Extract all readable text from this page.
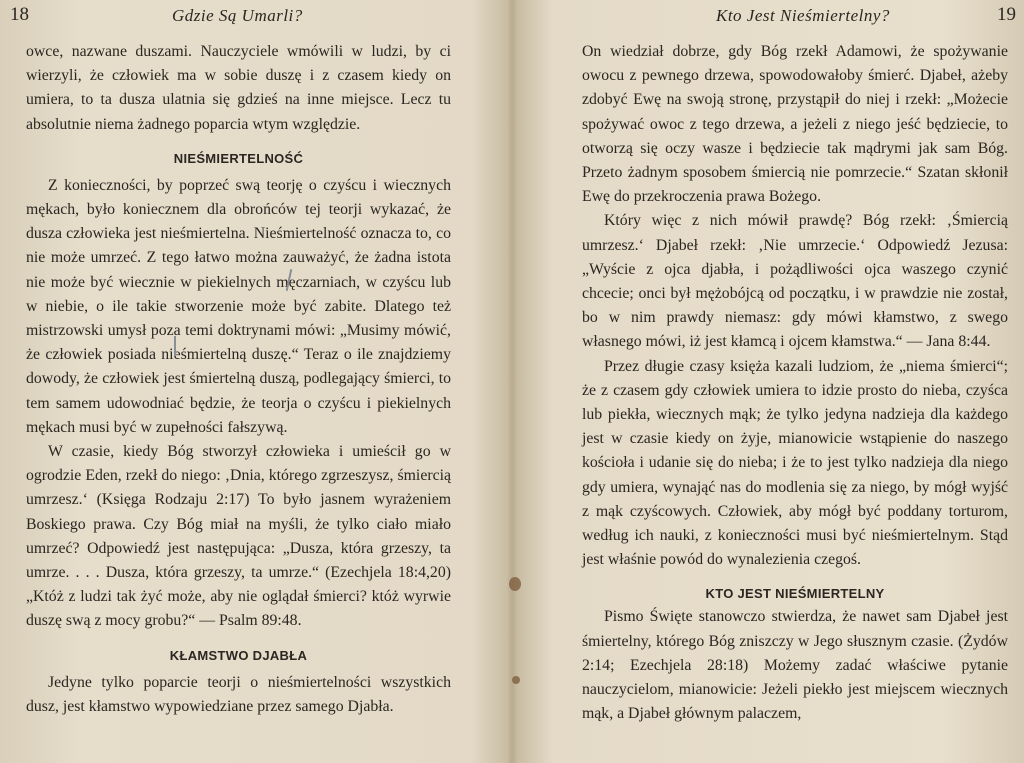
18	Gdzie Są Umarli?

owce, nazwane duszami. Nauczyciele wmówili w ludzi, by ci wierzyli, że człowiek ma w sobie duszę i z czasem kiedy on umiera, to ta dusza ulatnia się gdzieś na inne miejsce. Lecz tu absolutnie niema żadnego poparcia wtym względzie.

NIEŚMIERTELNOŚĆ

Z konieczności, by poprzeć swą teorję o czyścu i wiecznych mękach, było koniecznem dla obrońców tej teorji wykazać, że dusza człowieka jest nieśmiertelna. Nieśmiertelność oznacza to, co nie może umrzeć. Z tego łatwo można zauważyć, że żadna istota nie może być wiecznie w piekielnych męczarniach, w czyścu lub w niebie, o ile takie stworzenie może być zabite. Dlatego też mistrzowski umysł poza temi doktrynami mówi: „Musimy mówić, że człowiek posiada nieśmiertelną duszę.“ Teraz o ile znajdziemy dowody, że człowiek jest śmiertelną duszą, podlegający śmierci, to tem samem udowodniać będzie, że teorja o czyścu i piekielnych mękach musi być w zupełności fałszywą.

W czasie, kiedy Bóg stworzył człowieka i umieścił go w ogrodzie Eden, rzekł do niego: ‚Dnia, którego zgrzeszysz, śmiercią umrzesz.‘ (Księga Rodzaju 2:17) To było jasnem wyrażeniem Boskiego prawa. Czy Bóg miał na myśli, że tylko ciało miało umrzeć? Odpowiedź jest następująca: „Dusza, która grzeszy, ta umrze. . . . Dusza, która grzeszy, ta umrze.“ (Ezechjela 18:4,20) „Któż z ludzi tak żyć może, aby nie oglądał śmierci? któż wyrwie duszę swą z mocy grobu?“ — Psalm 89:48.

KŁAMSTWO DJABŁA

Jedyne tylko poparcie teorji o nieśmiertelności wszystkich dusz, jest kłamstwo wypowiedziane przez samego Djabła.

Kto Jest Nieśmiertelny?	19

On wiedział dobrze, gdy Bóg rzekł Adamowi, że spożywanie owocu z pewnego drzewa, spowodowałoby śmierć. Djabeł, ażeby zdobyć Ewę na swoją stronę, przystąpił do niej i rzekł: „Możecie spożywać owoc z tego drzewa, a jeżeli z niego jeść będziecie, to otworzą się oczy wasze i będziecie tak mądrymi jak sam Bóg. Przeto żadnym sposobem śmiercią nie pomrzecie.“ Szatan skłonił Ewę do przekroczenia prawa Bożego.

Który więc z nich mówił prawdę? Bóg rzekł: ‚Śmiercią umrzesz.‘ Djabeł rzekł: ‚Nie umrzecie.‘ Odpowiedź Jezusa: „Wyście z ojca djabła, i pożądliwości ojca waszego czynić chcecie; onci był mężobójcą od początku, i w prawdzie nie został, bo w nim prawdy niemasz: gdy mówi kłamstwo, z swego własnego mówi, iż jest kłamcą i ojcem kłamstwa.“ — Jana 8:44.

Przez długie czasy księża kazali ludziom, że „niema śmierci“; że z czasem gdy człowiek umiera to idzie prosto do nieba, czyśca lub piekła, wiecznych mąk; że tylko jedyna nadzieja dla każdego jest w czasie kiedy on żyje, mianowicie wstąpienie do naszego kościoła i udanie się do nieba; i że to jest tylko nadzieja dla niego gdy umiera, wynająć nas do modlenia się za niego, by mógł wyjść z mąk czyścowych. Człowiek, aby mógł być poddany torturom, według ich nauki, z konieczności musi być nieśmiertelnym. Stąd jest właśnie powód do wynalezienia czegoś.

KTO JEST NIEŚMIERTELNY

Pismo Święte stanowczo stwierdza, że nawet sam Djabeł jest śmiertelny, którego Bóg zniszczy w Jego słusznym czasie. (Żydów 2:14; Ezechjela 28:18) Możemy zadać właściwe pytanie nauczycielom, mianowicie: Jeżeli piekło jest miejscem wiecznych mąk, a Djabeł głównym palaczem,
